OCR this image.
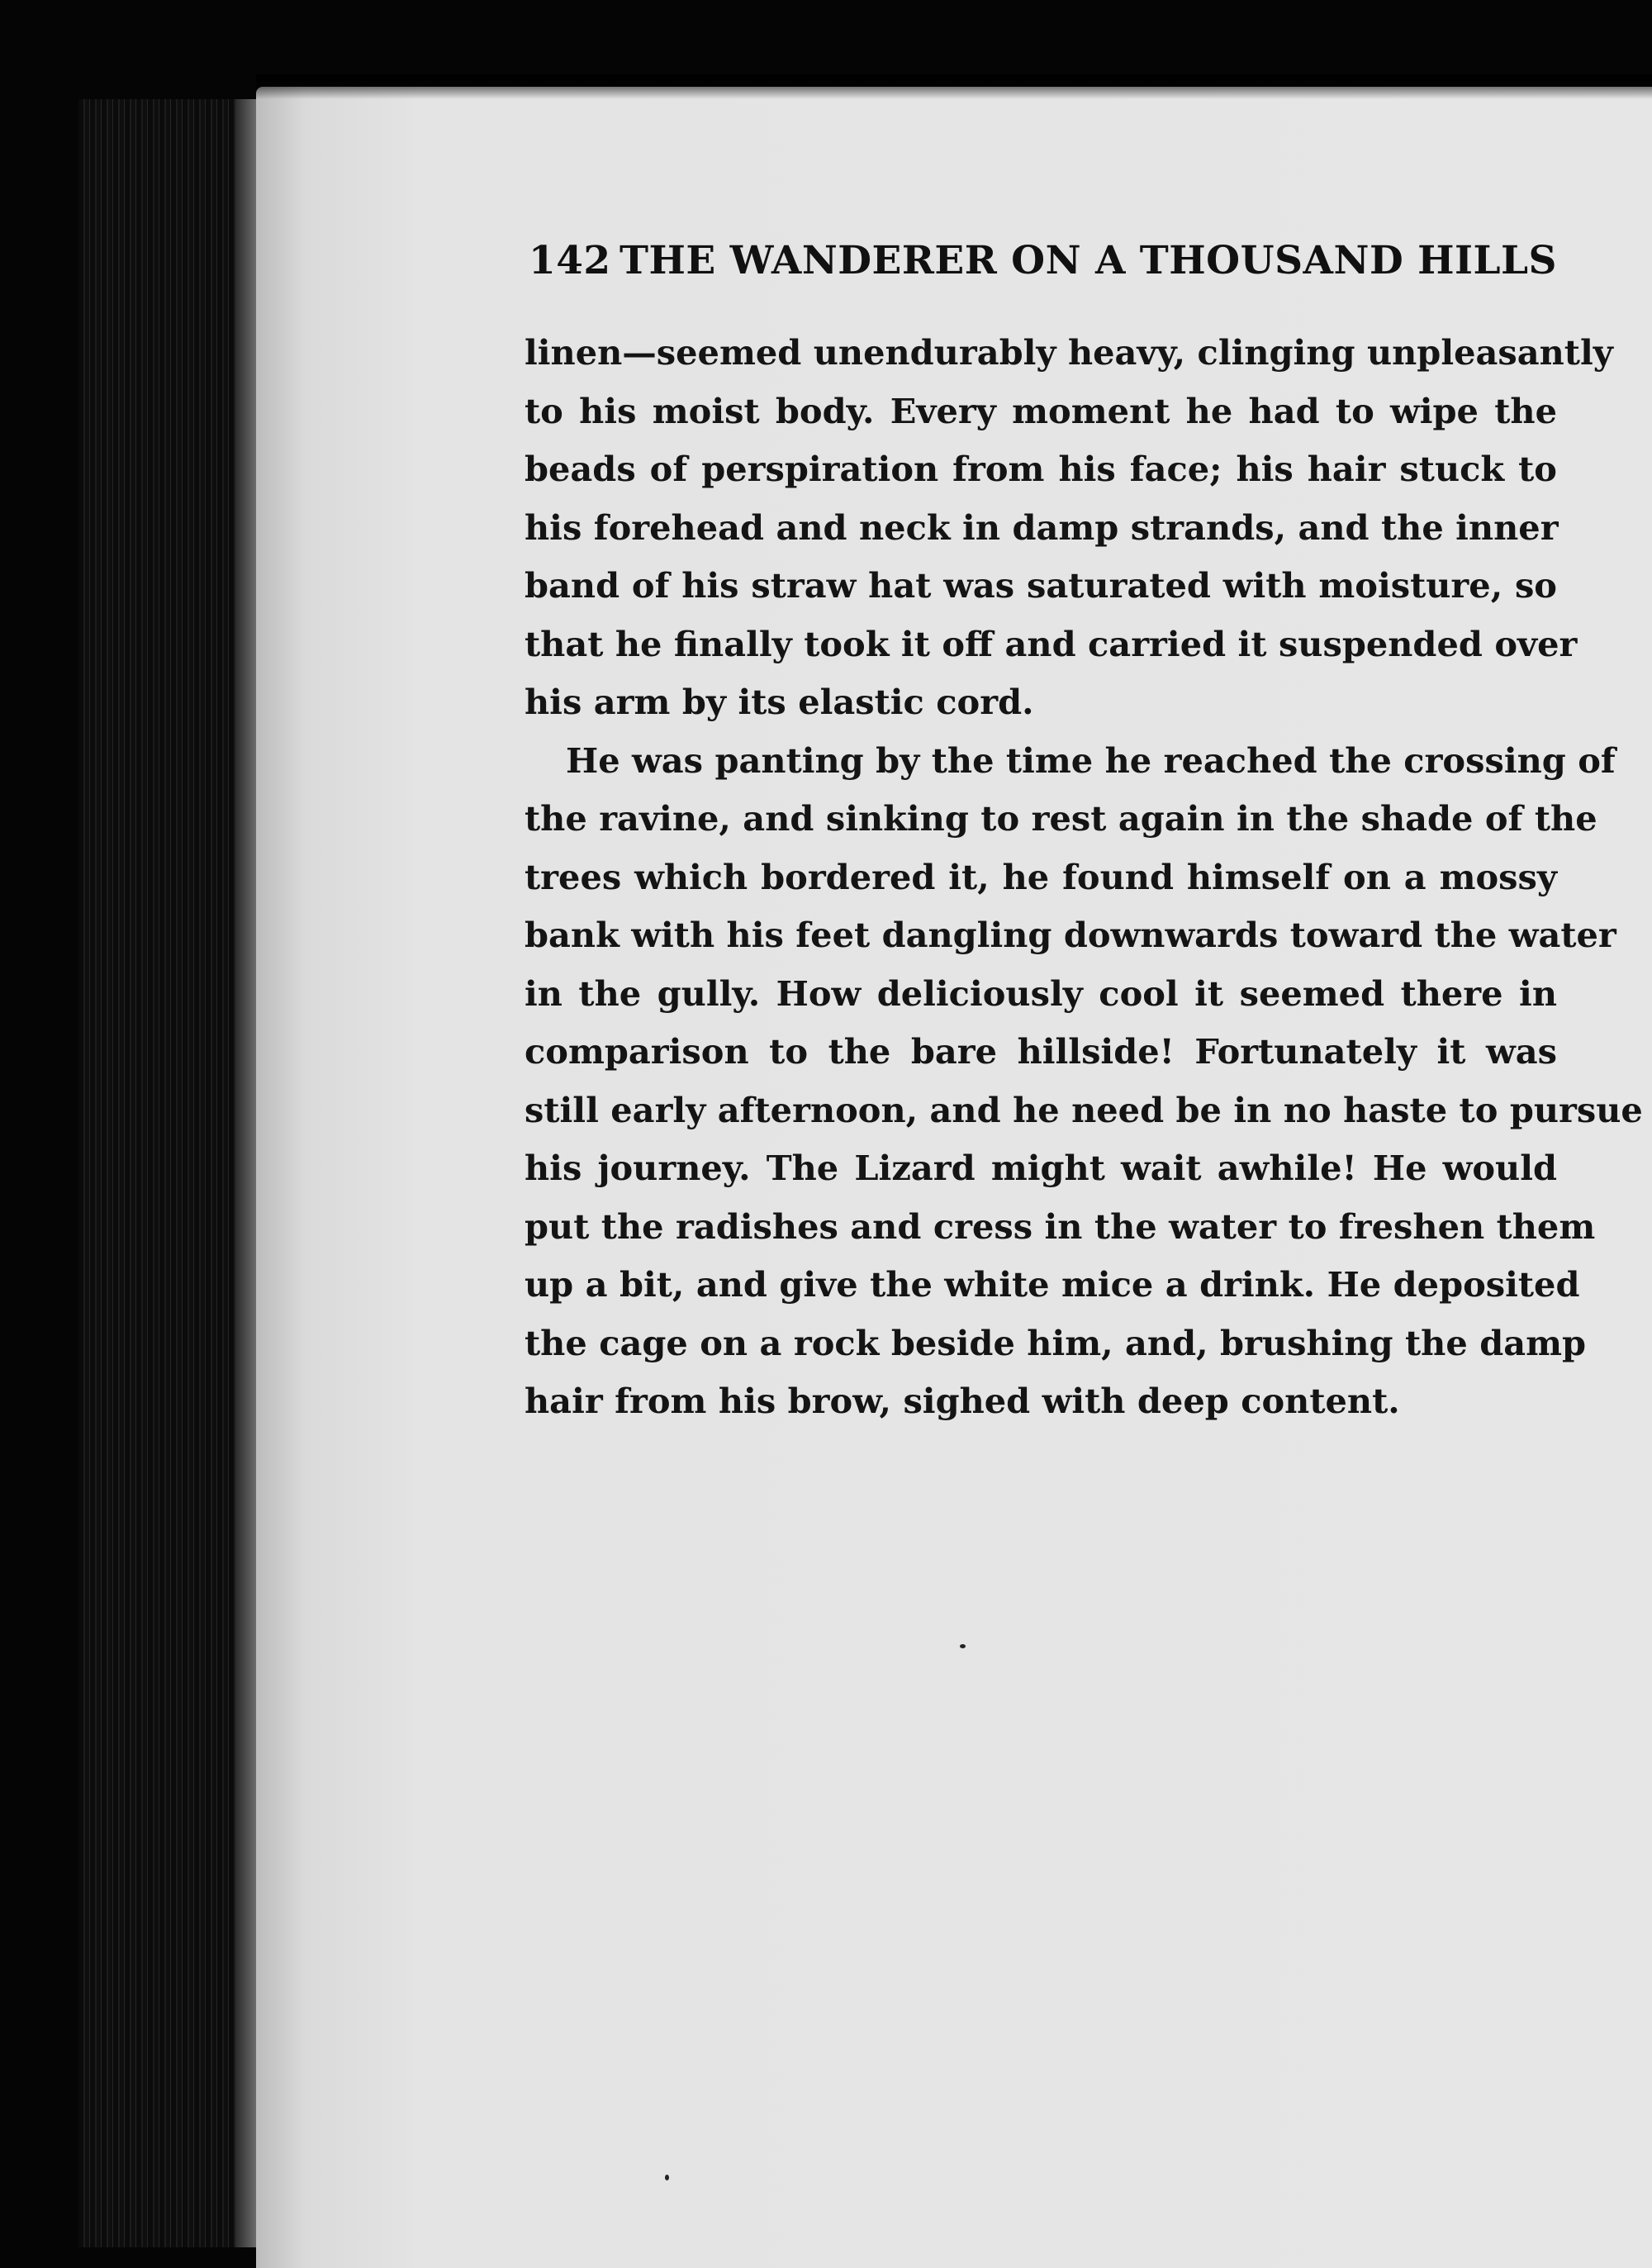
142 THE WANDERER ON A THOUSAND HILLS
linen—seemed unendurably heavy, clinging unpleasantly
to his moist body. Every moment he had to wipe the
beads of perspiration from his face; his hair stuck to
his forehead and neck in damp strands, and the inner
band of his straw hat was saturated with moisture, so
that he finally took it off and carried it suspended over
his arm by its elastic cord.
He was panting by the time he reached the crossing of
the ravine, and sinking to rest again in the shade of the
trees which bordered it, he found himself on a mossy
bank with his feet dangling downwards toward the water
in the gully. How deliciously cool it seemed there in
comparison to the bare hillside! Fortunately it was
still early afternoon, and he need be in no haste to pursue
his journey. The Lizard might wait awhile! He would
put the radishes and cress in the water to freshen them
up a bit, and give the white mice a drink. He deposited
the cage on a rock beside him, and, brushing the damp
hair from his brow, sighed with deep content.
